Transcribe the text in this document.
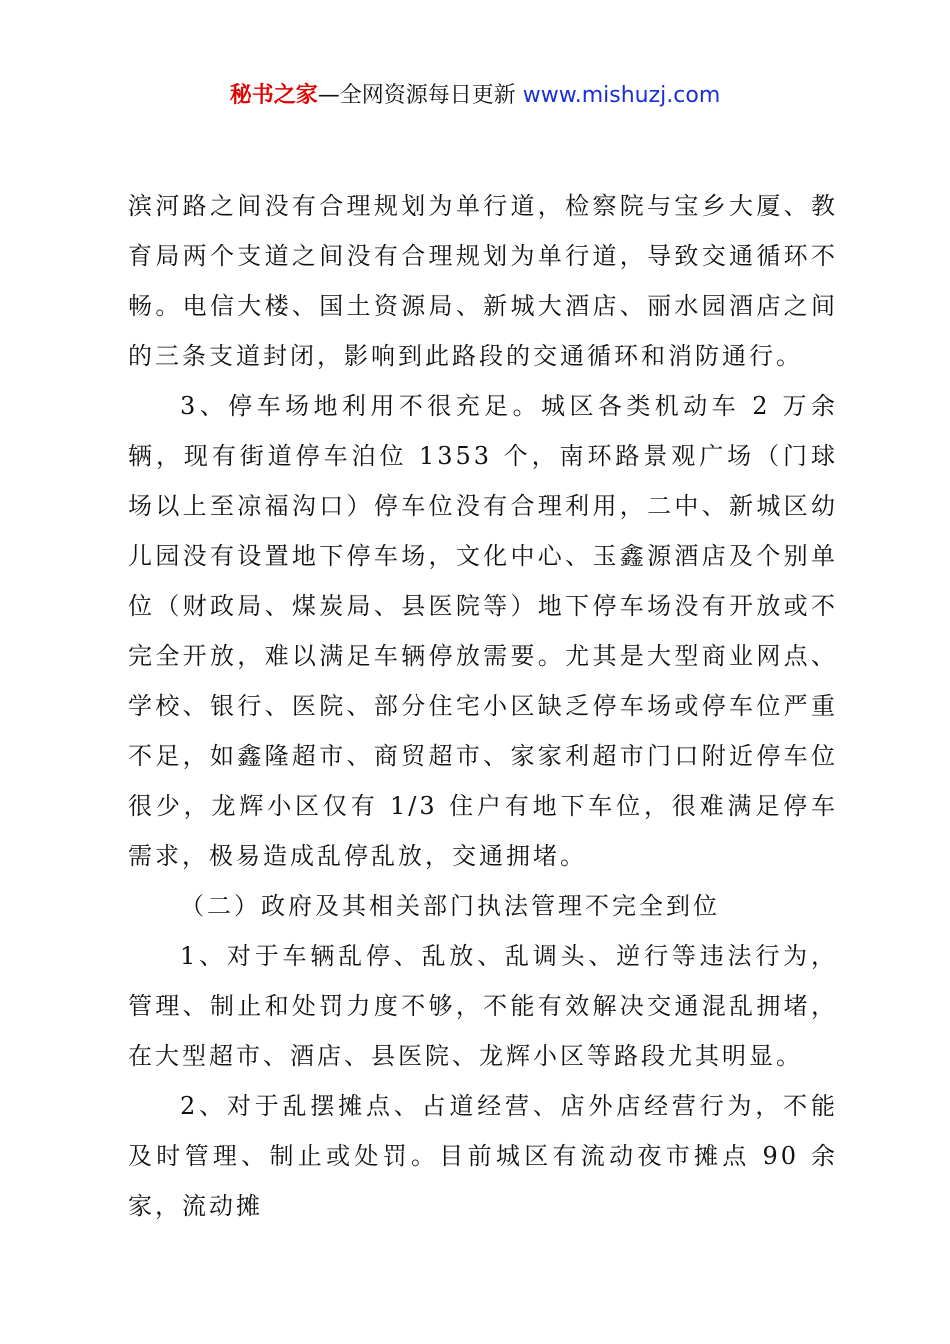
秘书之家—全网资源每日更新 www.mishuzj.com

滨河路之间没有合理规划为单行道，检察院与宝乡大厦、教育局两个支道之间没有合理规划为单行道，导致交通循环不畅。电信大楼、国土资源局、新城大酒店、丽水园酒店之间的三条支道封闭，影响到此路段的交通循环和消防通行。

3、停车场地利用不很充足。城区各类机动车 2 万余辆，现有街道停车泊位 1353 个，南环路景观广场（门球场以上至凉福沟口）停车位没有合理利用，二中、新城区幼儿园没有设置地下停车场，文化中心、玉鑫源酒店及个别单位（财政局、煤炭局、县医院等）地下停车场没有开放或不完全开放，难以满足车辆停放需要。尤其是大型商业网点、学校、银行、医院、部分住宅小区缺乏停车场或停车位严重不足，如鑫隆超市、商贸超市、家家利超市门口附近停车位很少，龙辉小区仅有 1/3 住户有地下车位，很难满足停车需求，极易造成乱停乱放，交通拥堵。

（二）政府及其相关部门执法管理不完全到位

1、对于车辆乱停、乱放、乱调头、逆行等违法行为，管理、制止和处罚力度不够，不能有效解决交通混乱拥堵，在大型超市、酒店、县医院、龙辉小区等路段尤其明显。

2、对于乱摆摊点、占道经营、店外店经营行为，不能及时管理、制止或处罚。目前城区有流动夜市摊点 90 余家，流动摊
